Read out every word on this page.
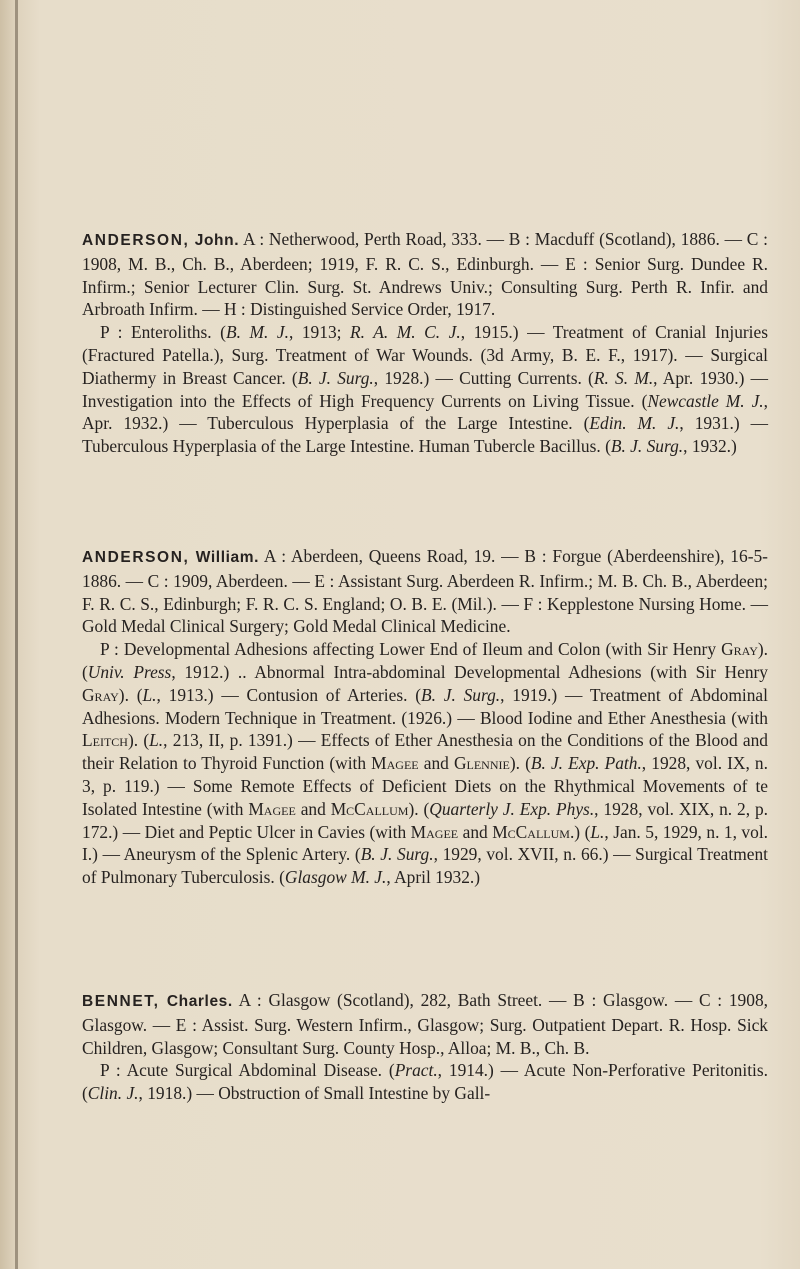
ANDERSON, John. A : Netherwood, Perth Road, 333. — B : Macduff (Scotland), 1886. — C : 1908, M. B., Ch. B., Aberdeen; 1919, F. R. C. S., Edinburgh. — E : Senior Surg. Dundee R. Infirm.; Senior Lecturer Clin. Surg. St. Andrews Univ.; Consulting Surg. Perth R. Infir. and Arbroath Infirm. — H : Distinguished Service Order, 1917.

P : Enteroliths. (B. M. J., 1913; R. A. M. C. J., 1915.) — Treatment of Cranial Injuries (Fractured Patella.), Surg. Treatment of War Wounds. (3d Army, B. E. F., 1917). — Surgical Diathermy in Breast Cancer. (B. J. Surg., 1928.) — Cutting Currents. (R. S. M., Apr. 1930.) — Investigation into the Effects of High Frequency Currents on Living Tissue. (Newcastle M. J., Apr. 1932.) — Tuberculous Hyperplasia of the Large Intestine. (Edin. M. J., 1931.) — Tuberculous Hyperplasia of the Large Intestine. Human Tubercle Bacillus. (B. J. Surg., 1932.)

ANDERSON, William. A : Aberdeen, Queens Road, 19. — B : Forgue (Aberdeenshire), 16-5-1886. — C : 1909, Aberdeen. — E : Assistant Surg. Aberdeen R. Infirm.; M. B. Ch. B., Aberdeen; F. R. C. S., Edinburgh; F. R. C. S. England; O. B. E. (Mil.). — F : Kepplestone Nursing Home. — Gold Medal Clinical Surgery; Gold Medal Clinical Medicine.

P : Developmental Adhesions affecting Lower End of Ileum and Colon (with Sir Henry Gray). (Univ. Press, 1912.) .. Abnormal Intra-abdominal Developmental Adhesions (with Sir Henry Gray). (L., 1913.) — Contusion of Arteries. (B. J. Surg., 1919.) — Treatment of Abdominal Adhesions. Modern Technique in Treatment. (1926.) — Blood Iodine and Ether Anesthesia (with Leitch). (L., 213, II, p. 1391.) — Effects of Ether Anesthesia on the Conditions of the Blood and their Relation to Thyroid Function (with Magee and Glennie). (B. J. Exp. Path., 1928, vol. IX, n. 3, p. 119.) — Some Remote Effects of Deficient Diets on the Rhythmical Movements of te Isolated Intestine (with Magee and McCallum). (Quarterly J. Exp. Phys., 1928, vol. XIX, n. 2, p. 172.) — Diet and Peptic Ulcer in Cavies (with Magee and McCallum.) (L., Jan. 5, 1929, n. 1, vol. I.) — Aneurysm of the Splenic Artery. (B. J. Surg., 1929, vol. XVII, n. 66.) — Surgical Treatment of Pulmonary Tuberculosis. (Glasgow M. J., April 1932.)

BENNET, Charles. A : Glasgow (Scotland), 282, Bath Street. — B : Glasgow. — C : 1908, Glasgow. — E : Assist. Surg. Western Infirm., Glasgow; Surg. Outpatient Depart. R. Hosp. Sick Children, Glasgow; Consultant Surg. County Hosp., Alloa; M. B., Ch. B.

P : Acute Surgical Abdominal Disease. (Pract., 1914.) — Acute Non-Perforative Peritonitis. (Clin. J., 1918.) — Obstruction of Small Intestine by Gall-
